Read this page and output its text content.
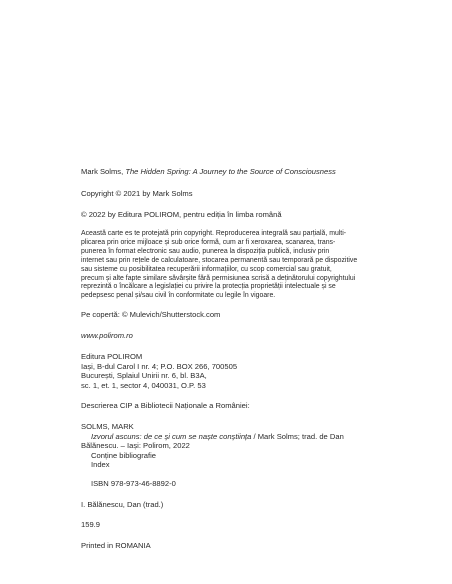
Mark Solms, The Hidden Spring: A Journey to the Source of Consciousness

Copyright © 2021 by Mark Solms

© 2022 by Editura POLIROM, pentru ediția în limba română

Această carte es te protejată prin copyright. Reproducerea integrală sau parțială, multi-

plicarea prin orice mijloace și sub orice formă, cum ar fi xeroxarea, scanarea, trans-

punerea în format electronic sau audio, punerea la dispoziția publică, inclusiv prin

internet sau prin rețele de calculatoare, stocarea permanentă sau temporară pe dispozitive

sau sisteme cu posibilitatea recuperării informațiilor, cu scop comercial sau gratuit,

precum și alte fapte similare săvârșite fără permisiunea scrisă a deținătorului copyrightului

reprezintă o încălcare a legislației cu privire la protecția proprietății intelectuale și se

pedepsesc penal și/sau civil în conformitate cu legile în vigoare.

Pe copertă: © Mulevich/Shutterstock.com

www.polirom.ro

Editura POLIROM

Iași, B-dul Carol I nr. 4; P.O. BOX 266, 700505

București, Splaiul Unirii nr. 6, bl. B3A,

sc. 1, et. 1, sector 4, 040031, O.P. 53

Descrierea CIP a Bibliotecii Naționale a României:

SOLMS, MARK

Izvorul ascuns: de ce și cum se naște conștiința / Mark Solms; trad. de Dan

Bălănescu. – Iași: Polirom, 2022

Conține bibliografie

Index

ISBN 978-973-46-8892-0

I. Bălănescu, Dan (trad.)

159.9

Printed in ROMANIA
